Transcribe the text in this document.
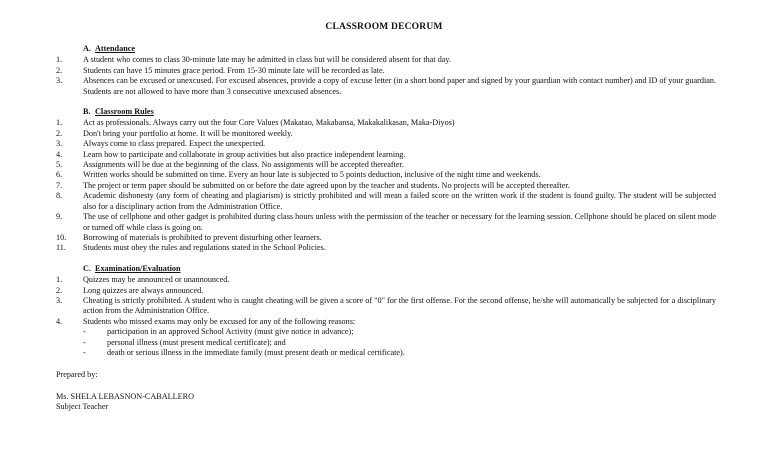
CLASSROOM DECORUM
A. Attendance
1.	A student who comes to class 30-minute late may be admitted in class but will be considered absent for that day.
2.	Students can have 15 minutes grace period. From 15-30 minute late will be recorded as late.
3.	Absences can be excused or unexcused. For excused absences, provide a copy of excuse letter (in a short bond paper and signed by your guardian with contact number) and ID of your guardian. Students are not allowed to have more than 3 consecutive unexcused absences.
B. Classroom Rules
1.	Act as professionals. Always carry out the four Core Values (Makatao, Makabansa, Makakalikasan, Maka-Diyos)
2.	Don't bring your portfolio at home. It will be monitored weekly.
3.	Always come to class prepared. Expect the unexpected.
4.	Learn how to participate and collaborate in group activities but also practice independent learning.
5.	Assignments will be due at the beginning of the class. No assignments will be accepted thereafter.
6.	Written works should be submitted on time. Every an hour late is subjected to 5 points deduction, inclusive of the night time and weekends.
7.	The project or term paper should be submitted on or before the date agreed upon by the teacher and students. No projects will be accepted thereafter.
8.	Academic dishonesty (any form of cheating and plagiarism) is strictly prohibited and will mean a failed score on the written work if the student is found guilty. The student will be subjected also for a disciplinary action from the Administration Office.
9.	The use of cellphone and other gadget is prohibited during class hours unless with the permission of the teacher or necessary for the learning session. Cellphone should be placed on silent mode or turned off while class is going on.
10.	Borrowing of materials is prohibited to prevent disturbing other learners.
11.	Students must obey the rules and regulations stated in the School Policies.
C. Examination/Evaluation
1.	Quizzes may be announced or unannounced.
2.	Long quizzes are always announced.
3.	Cheating is strictly prohibited. A student who is caught cheating will be given a score of "0" for the first offense. For the second offense, he/she will automatically be subjected for a disciplinary action from the Administration Office.
4.	Students who missed exams may only be excused for any of the following reasons:
-	participation in an approved School Activity (must give notice in advance);
-	personal illness (must present medical certificate); and
-	death or serious illness in the immediate family (must present death or medical certificate).
Prepared by:
Ms. SHELA LEBASNON-CABALLERO
Subject Teacher
